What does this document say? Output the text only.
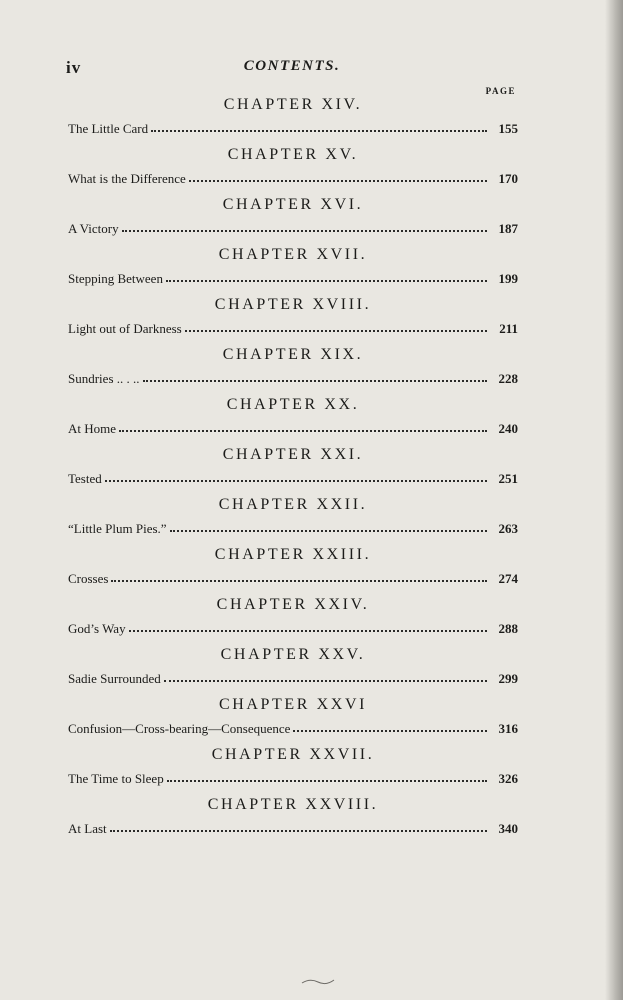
iv	CONTENTS.
PAGE
CHAPTER XIV.
The Little Card	155
CHAPTER XV.
What is the Difference	170
CHAPTER XVI.
A Victory	187
CHAPTER XVII.
Stepping Between	199
CHAPTER XVIII.
Light out of Darkness	211
CHAPTER XIX.
Sundries .. . ..	228
CHAPTER XX.
At Home	240
CHAPTER XXI.
Tested	251
CHAPTER XXII.
“Little Plum Pies.”	263
CHAPTER XXIII.
Crosses	274
CHAPTER XXIV.
God’s Way	288
CHAPTER XXV.
Sadie Surrounded	299
CHAPTER XXVI
Confusion—Cross-bearing—Consequence	316
CHAPTER XXVII.
The Time to Sleep	326
CHAPTER XXVIII.
At Last	340
